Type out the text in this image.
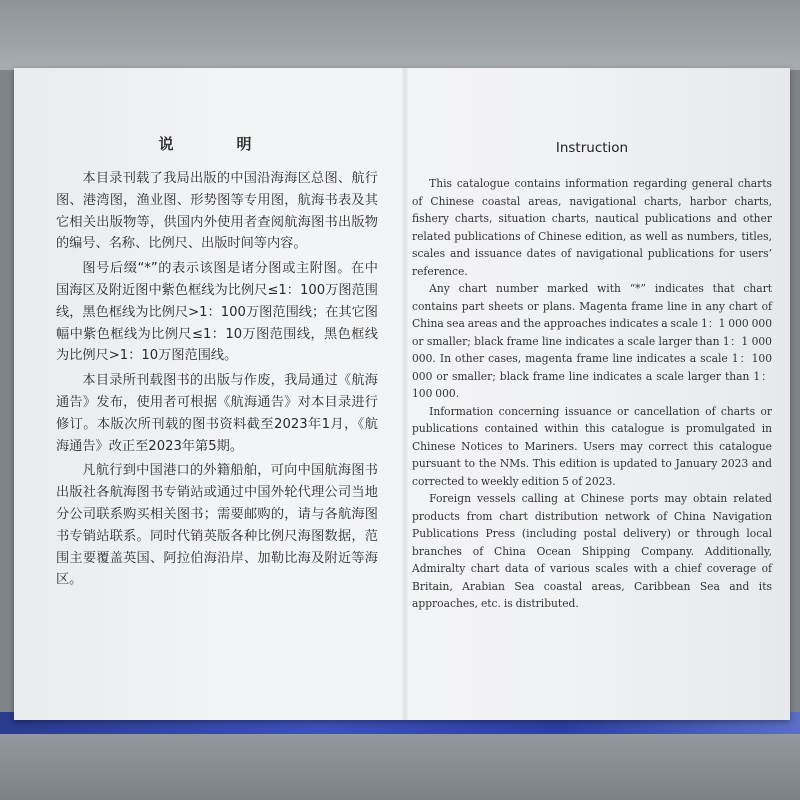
说　明

本目录刊载了我局出版的中国沿海海区总图、航行图、港湾图，渔业图、形势图等专用图，航海书表及其它相关出版物等，供国内外使用者查阅航海图书出版物的编号、名称、比例尺、出版时间等内容。

图号后缀“*”的表示该图是诸分图或主附图。在中国海区及附近图中紫色框线为比例尺≤1：100万图范围线，黑色框线为比例尺>1：100万图范围线；在其它图幅中紫色框线为比例尺≤1：10万图范围线，黑色框线为比例尺>1：10万图范围线。

本目录所刊载图书的出版与作废，我局通过《航海通告》发布，使用者可根据《航海通告》对本目录进行修订。本版次所刊载的图书资料截至2023年1月，《航海通告》改正至2023年第5期。

凡航行到中国港口的外籍船舶，可向中国航海图书出版社各航海图书专销站或通过中国外轮代理公司当地分公司联系购买相关图书；需要邮购的，请与各航海图书专销站联系。同时代销英版各种比例尺海图数据，范围主要覆盖英国、阿拉伯海沿岸、加勒比海及附近等海区。

Instruction

This catalogue contains information regarding general charts of Chinese coastal areas, navigational charts, harbor charts, fishery charts, situation charts, nautical publications and other related publications of Chinese edition, as well as numbers, titles, scales and issuance dates of navigational publications for users’ reference.

Any chart number marked with “*” indicates that chart contains part sheets or plans. Magenta frame line in any chart of China sea areas and the approaches indicates a scale 1：1 000 000 or smaller; black frame line indicates a scale larger than 1：1 000 000. In other cases, magenta frame line indicates a scale 1：100 000 or smaller; black frame line indicates a scale larger than 1：100 000.

Information concerning issuance or cancellation of charts or publications contained within this catalogue is promulgated in Chinese Notices to Mariners. Users may correct this catalogue pursuant to the NMs. This edition is updated to January 2023 and corrected to weekly edition 5 of 2023.

Foreign vessels calling at Chinese ports may obtain related products from chart distribution network of China Navigation Publications Press (including postal delivery) or through local branches of China Ocean Shipping Company. Additionally, Admiralty chart data of various scales with a chief coverage of Britain, Arabian Sea coastal areas, Caribbean Sea and its approaches, etc. is distributed.
